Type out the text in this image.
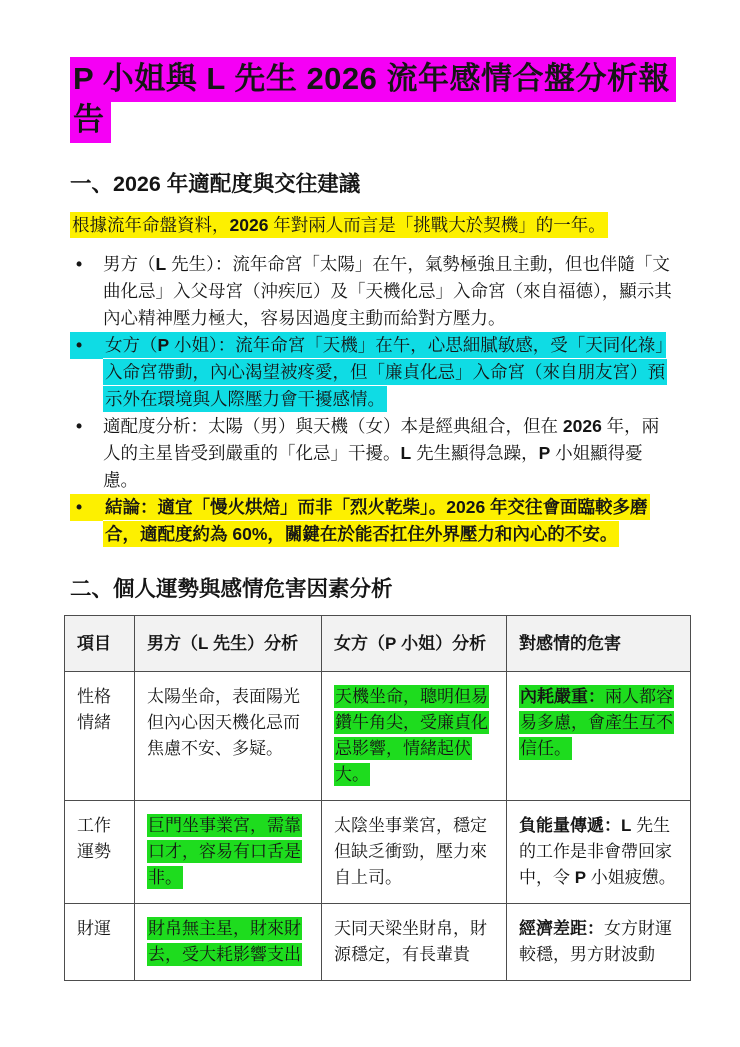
P 小姐與 L 先生 2026 流年感情合盤分析報告
一、2026 年適配度與交往建議

根據流年命盤資料，2026 年對兩人而言是「挑戰大於契機」的一年。

•	男方（L 先生）：流年命宮「太陽」在午，氣勢極強且主動，但也伴隨「文曲化忌」入父母宮（沖疾厄）及「天機化忌」入命宮（來自福德），顯示其內心精神壓力極大，容易因過度主動而給對方壓力。
•	女方（P 小姐）：流年命宮「天機」在午，心思細膩敏感，受「天同化祿」入命宮帶動，內心渴望被疼愛，但「廉貞化忌」入命宮（來自朋友宮）預示外在環境與人際壓力會干擾感情。
•	適配度分析：太陽（男）與天機（女）本是經典組合，但在 2026 年，兩人的主星皆受到嚴重的「化忌」干擾。L 先生顯得急躁，P 小姐顯得憂慮。
•	結論：適宜「慢火烘焙」而非「烈火乾柴」。2026 年交往會面臨較多磨合，適配度約為 60%，關鍵在於能否扛住外界壓力和內心的不安。
二、個人運勢與感情危害因素分析
項目	男方（L 先生）分析	女方（P 小姐）分析	對感情的危害
性格情緒	太陽坐命，表面陽光但內心因天機化忌而焦慮不安、多疑。	天機坐命，聰明但易鑽牛角尖，受廉貞化忌影響，情緒起伏大。	內耗嚴重：兩人都容易多慮，會產生互不信任。
工作運勢	巨門坐事業宮，需靠口才，容易有口舌是非。	太陰坐事業宮，穩定但缺乏衝勁，壓力來自上司。	負能量傳遞：L 先生的工作是非會帶回家中，令 P 小姐疲憊。
財運	財帛無主星，財來財去，受大耗影響支出	天同天梁坐財帛，財源穩定，有長輩貴	經濟差距：女方財運較穩，男方財波動
